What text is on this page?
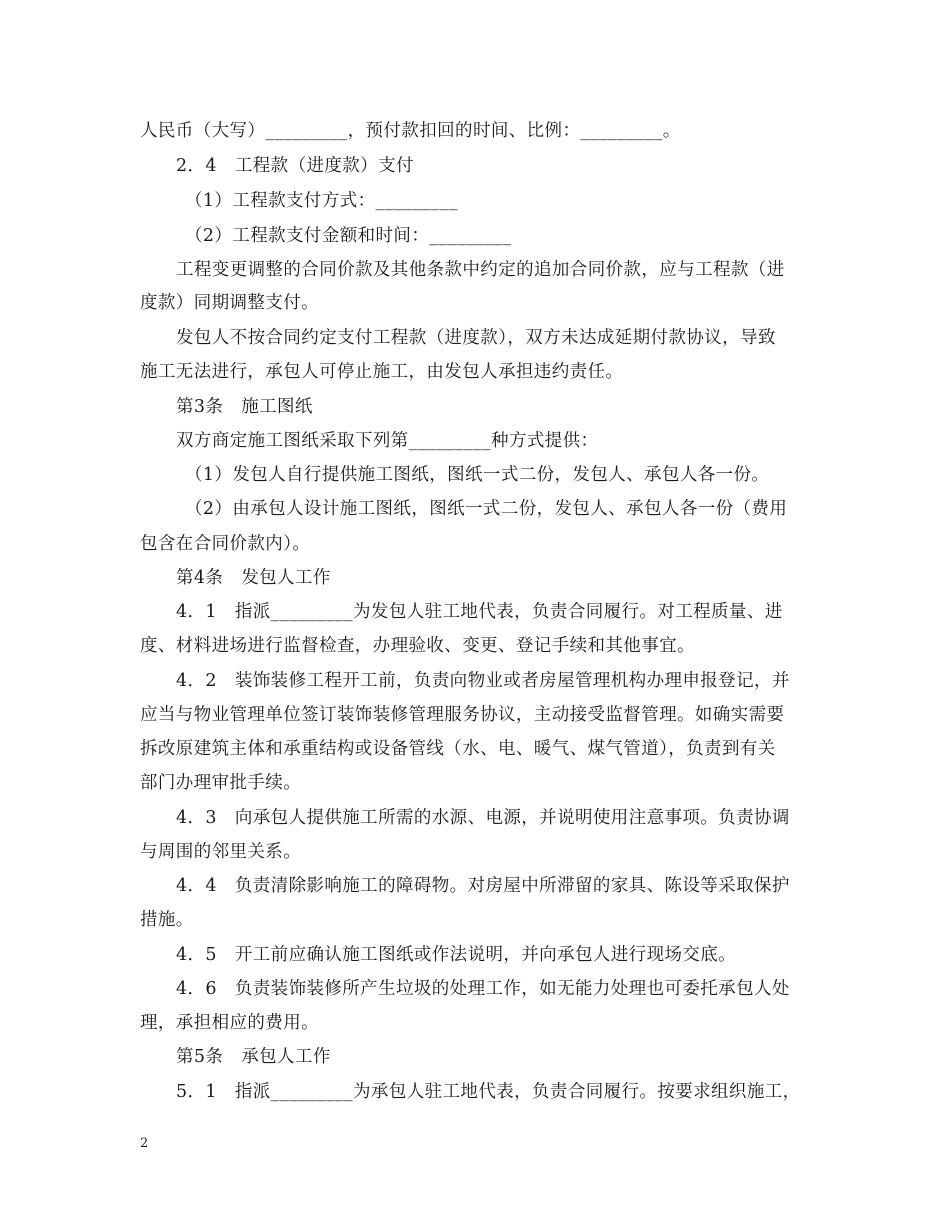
人民币（大写）_________，预付款扣回的时间、比例：_________。
2．4　工程款（进度款）支付
（1）工程款支付方式：_________
（2）工程款支付金额和时间：_________
工程变更调整的合同价款及其他条款中约定的追加合同价款，应与工程款（进
度款）同期调整支付。
发包人不按合同约定支付工程款（进度款），双方未达成延期付款协议，导致
施工无法进行，承包人可停止施工，由发包人承担违约责任。
第3条　施工图纸
双方商定施工图纸采取下列第_________种方式提供：
（1）发包人自行提供施工图纸，图纸一式二份，发包人、承包人各一份。
（2）由承包人设计施工图纸，图纸一式二份，发包人、承包人各一份（费用
包含在合同价款内）。
第4条　发包人工作
4．1　指派_________为发包人驻工地代表，负责合同履行。对工程质量、进
度、材料进场进行监督检查，办理验收、变更、登记手续和其他事宜。
4．2　装饰装修工程开工前，负责向物业或者房屋管理机构办理申报登记，并
应当与物业管理单位签订装饰装修管理服务协议，主动接受监督管理。如确实需要
拆改原建筑主体和承重结构或设备管线（水、电、暖气、煤气管道），负责到有关
部门办理审批手续。
4．3　向承包人提供施工所需的水源、电源，并说明使用注意事项。负责协调
与周围的邻里关系。
4．4　负责清除影响施工的障碍物。对房屋中所滞留的家具、陈设等采取保护
措施。
4．5　开工前应确认施工图纸或作法说明，并向承包人进行现场交底。
4．6　负责装饰装修所产生垃圾的处理工作，如无能力处理也可委托承包人处
理，承担相应的费用。
第5条　承包人工作
5．1　指派_________为承包人驻工地代表，负责合同履行。按要求组织施工，
2
